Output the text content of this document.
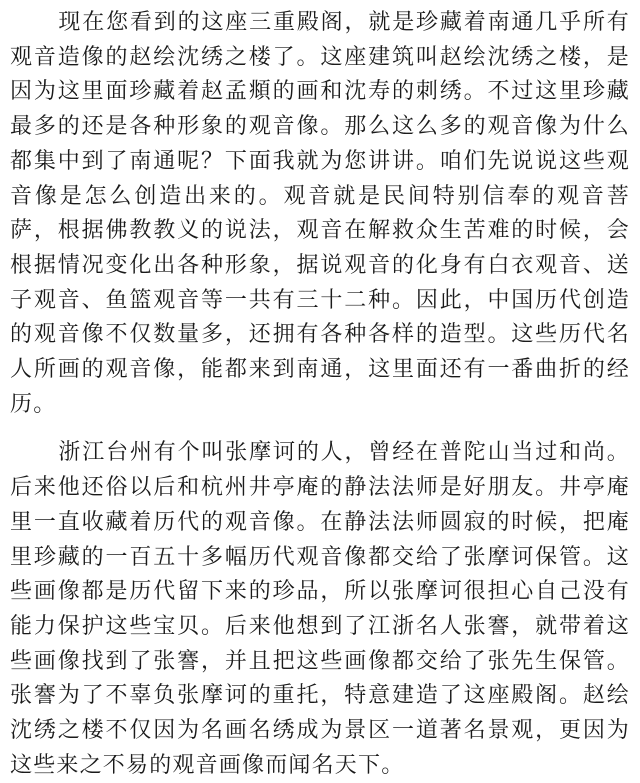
现在您看到的这座三重殿阁，就是珍藏着南通几乎所有观音造像的赵绘沈绣之楼了。这座建筑叫赵绘沈绣之楼，是因为这里面珍藏着赵孟頫的画和沈寿的刺绣。不过这里珍藏最多的还是各种形象的观音像。那么这么多的观音像为什么都集中到了南通呢？下面我就为您讲讲。咱们先说说这些观音像是怎么创造出来的。观音就是民间特别信奉的观音菩萨，根据佛教教义的说法，观音在解救众生苦难的时候，会根据情况变化出各种形象，据说观音的化身有白衣观音、送子观音、鱼篮观音等一共有三十二种。因此，中国历代创造的观音像不仅数量多，还拥有各种各样的造型。这些历代名人所画的观音像，能都来到南通，这里面还有一番曲折的经历。

浙江台州有个叫张摩诃的人，曾经在普陀山当过和尚。后来他还俗以后和杭州井亭庵的静法法师是好朋友。井亭庵里一直收藏着历代的观音像。在静法法师圆寂的时候，把庵里珍藏的一百五十多幅历代观音像都交给了张摩诃保管。这些画像都是历代留下来的珍品，所以张摩诃很担心自己没有能力保护这些宝贝。后来他想到了江浙名人张謇，就带着这些画像找到了张謇，并且把这些画像都交给了张先生保管。张謇为了不辜负张摩诃的重托，特意建造了这座殿阁。赵绘沈绣之楼不仅因为名画名绣成为景区一道著名景观，更因为这些来之不易的观音画像而闻名天下。
